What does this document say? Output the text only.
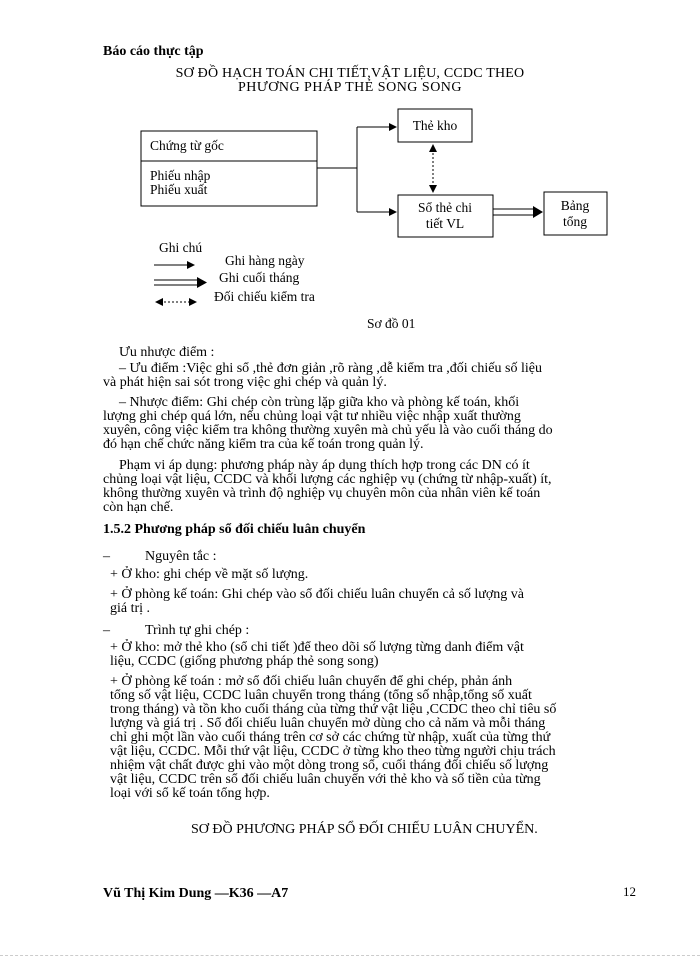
Báo cáo thực tập
SƠ ĐỒ HẠCH TOÁN CHI TIẾT,VẬT LIỆU, CCDC THEO
PHƯƠNG PHÁP THẺ SONG SONG
Chứng từ gốc
Phiếu nhập
Phiếu xuất
Thẻ kho
Sổ thẻ chi
tiết VL
Bảng
tổng
Ghi chú
Ghi hàng ngày
Ghi cuối tháng
Đối chiếu kiểm tra
Sơ đồ 01
Ưu nhược điểm :
– Ưu điểm :Việc ghi sổ ,thẻ đơn giản ,rõ ràng ,dễ kiểm tra ,đối chiếu số liệu
và phát hiện sai sót trong việc ghi chép và quản lý.
– Nhược điểm: Ghi chép còn trùng lặp giữa kho và phòng kế toán, khối
lượng ghi chép quá lớn, nếu chủng loại vật tư nhiều việc nhập xuất thường
xuyên, công việc kiểm tra không thường xuyên mà chủ yếu là vào cuối tháng do
đó hạn chế chức năng kiểm tra của kế toán trong quản lý.
Phạm vi áp dụng: phương pháp này áp dụng thích hợp trong các DN có ít
chủng loại vật liệu, CCDC và khối lượng các nghiệp vụ (chứng từ nhập-xuất) ít,
không thường xuyên và trình độ nghiệp vụ chuyên môn của nhân viên kế toán
còn hạn chế.
1.5.2 Phương pháp sổ đối chiếu luân chuyển
–	Nguyên tắc :
+ Ở kho: ghi chép về mặt số lượng.
+ Ở phòng kế toán: Ghi chép vào sổ đối chiếu luân chuyển cả số lượng và
giá trị .
–	Trình tự ghi chép :
+ Ở kho: mở thẻ kho (sổ chi tiết )để theo dõi số lượng từng danh điểm vật
liệu, CCDC (giống phương pháp thẻ song song)
+ Ở phòng kế toán : mở sổ đối chiếu luân chuyển để ghi chép, phản ánh
tổng số vật liệu, CCDC luân chuyển trong tháng (tổng số nhập,tổng số xuất
trong tháng) và tồn kho cuối tháng của từng thứ vật liệu ,CCDC theo chỉ tiêu số
lượng và giá trị . Sổ đối chiếu luân chuyển mở dùng cho cả năm và mỗi tháng
chỉ ghi một lần vào cuối tháng trên cơ sở các chứng từ nhập, xuất của từng thứ
vật liệu, CCDC. Mỗi thứ vật liệu, CCDC ở từng kho theo từng người chịu trách
nhiệm vật chất được ghi vào một dòng trong sổ, cuối tháng đối chiếu số lượng
vật liệu, CCDC trên sổ đối chiếu luân chuyển với thẻ kho và số tiền của từng
loại với sổ kế toán tổng hợp.
SƠ ĐỒ PHƯƠNG PHÁP SỔ ĐỐI CHIẾU LUÂN CHUYỂN.
Vũ Thị Kim Dung —K36 —A7	12
